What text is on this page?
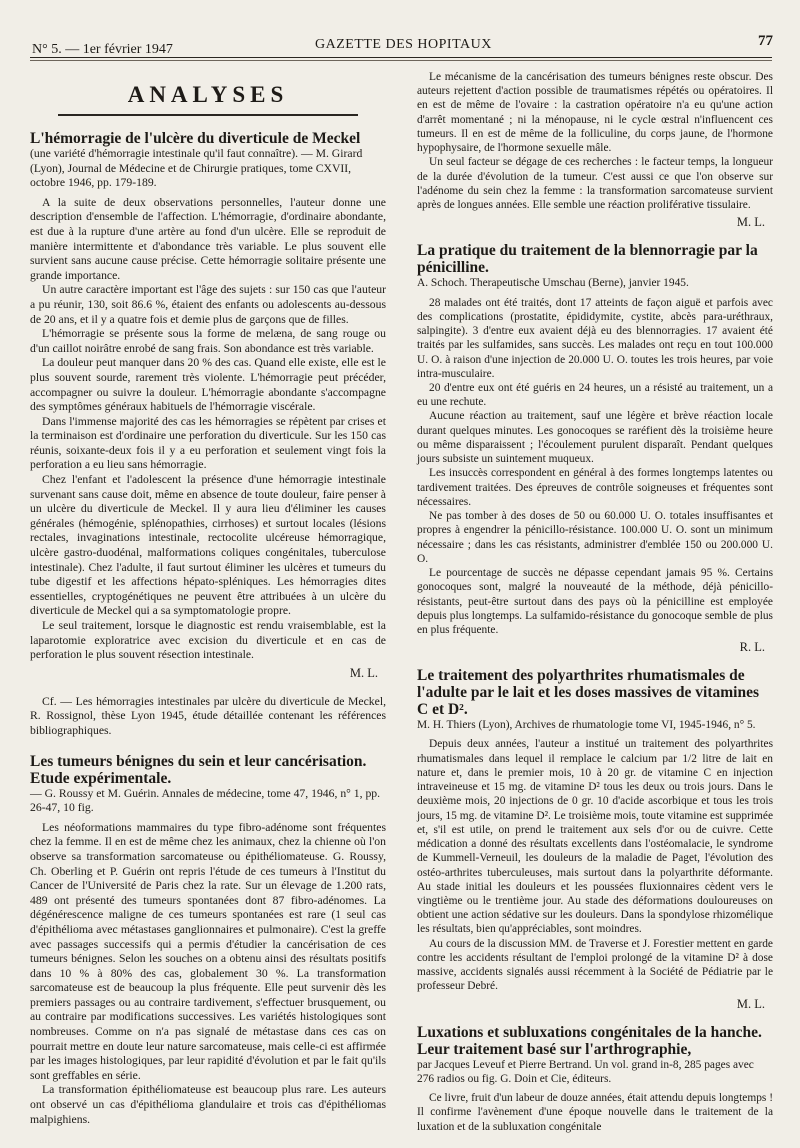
N° 5. — 1er février 1947	GAZETTE DES HOPITAUX	77
ANALYSES
L'hémorragie de l'ulcère du diverticule de Meckel
(une variété d'hémorragie intestinale qu'il faut connaître). — M. Girard (Lyon), Journal de Médecine et de Chirurgie pratiques, tome CXVII, octobre 1946, pp. 179-189.

A la suite de deux observations personnelles, l'auteur donne une description d'ensemble de l'affection. L'hémorragie, d'ordinaire abondante, est due à la rupture d'une artère au fond d'un ulcère. Elle se reproduit de manière intermittente et d'abondance très variable. Le plus souvent elle survient sans aucune cause précise. Cette hémorragie solitaire présente une grande importance.

Un autre caractère important est l'âge des sujets : sur 150 cas que l'auteur a pu réunir, 130, soit 86.6 %, étaient des enfants ou adolescents au-dessous de 20 ans, et il y a quatre fois et demie plus de garçons que de filles.

L'hémorragie se présente sous la forme de melæna, de sang rouge ou d'un caillot noirâtre enrobé de sang frais. Son abondance est très variable.

La douleur peut manquer dans 20 % des cas. Quand elle existe, elle est le plus souvent sourde, rarement très violente. L'hémorragie peut précéder, accompagner ou suivre la douleur. L'hémorragie abondante s'accompagne des symptômes généraux habituels de l'hémorragie viscérale.

Dans l'immense majorité des cas les hémorragies se répètent par crises et la terminaison est d'ordinaire une perforation du diverticule. Sur les 150 cas réunis, soixante-deux fois il y a eu perforation et seulement vingt fois la perforation a eu lieu sans hémorragie.

Chez l'enfant et l'adolescent la présence d'une hémorragie intestinale survenant sans cause doit, même en absence de toute douleur, faire penser à un ulcère du diverticule de Meckel. Il y aura lieu d'éliminer les causes générales (hémogénie, splénopathies, cirrhoses) et surtout locales (lésions rectales, invaginations intestinale, rectocolite ulcéreuse hémorragique, ulcère gastro-duodénal, malformations coliques congénitales, tuberculose intestinale). Chez l'adulte, il faut surtout éliminer les ulcères et tumeurs du tube digestif et les affections hépato-spléniques. Les hémorragies dites essentielles, cryptogénétiques ne peuvent être attribuées à un ulcère du diverticule de Meckel qui a sa symptomatologie propre.

Le seul traitement, lorsque le diagnostic est rendu vraisemblable, est la laparotomie exploratrice avec excision du diverticule et en cas de perforation le plus souvent résection intestinale.

M. L.

Cf. — Les hémorragies intestinales par ulcère du diverticule de Meckel, R. Rossignol, thèse Lyon 1945, étude détaillée contenant les références bibliographiques.

Les tumeurs bénignes du sein et leur cancérisation. Etude expérimentale.
— G. Roussy et M. Guérin. Annales de médecine, tome 47, 1946, n° 1, pp. 26-47, 10 fig.

Les néoformations mammaires du type fibro-adénome sont fréquentes chez la femme. Il en est de même chez les animaux, chez la chienne où l'on observe sa transformation sarcomateuse ou épithéliomateuse. G. Roussy, Ch. Oberling et P. Guérin ont repris l'étude de ces tumeurs à l'Institut du Cancer de l'Université de Paris chez la rate. Sur un élevage de 1.200 rats, 489 ont présenté des tumeurs spontanées dont 87 fibro-adénomes. La dégénérescence maligne de ces tumeurs spontanées est rare (1 seul cas d'épithélioma avec métastases ganglionnaires et pulmonaire). C'est la greffe avec passages successifs qui a permis d'étudier la cancérisation de ces tumeurs bénignes. Selon les souches on a obtenu ainsi des résultats positifs dans 10 % à 80% des cas, globalement 30 %. La transformation sarcomateuse est de beaucoup la plus fréquente. Elle peut survenir dès les premiers passages ou au contraire tardivement, s'effectuer brusquement, ou au contraire par modifications successives. Les variétés histologiques sont nombreuses. Comme on n'a pas signalé de métastase dans ces cas on pourrait mettre en doute leur nature sarcomateuse, mais celle-ci est affirmée par les images histologiques, par leur rapidité d'évolution et par le fait qu'ils sont greffables en série.

La transformation épithéliomateuse est beaucoup plus rare. Les auteurs ont observé un cas d'épithélioma glandulaire et trois cas d'épithéliomas malpighiens.

Le mécanisme de la cancérisation des tumeurs bénignes reste obscur. Des auteurs rejettent d'action possible de traumatismes répétés ou opératoires. Il en est de même de l'ovaire : la castration opératoire n'a eu qu'une action d'arrêt momentané ; ni la ménopause, ni le cycle œstral n'influencent ces tumeurs. Il en est de même de la folliculine, du corps jaune, de l'hormone hypophysaire, de l'hormone sexuelle mâle.

Un seul facteur se dégage de ces recherches : le facteur temps, la longueur de la durée d'évolution de la tumeur. C'est aussi ce que l'on observe sur l'adénome du sein chez la femme : la transformation sarcomateuse survient après de longues années. Elle semble une réaction proliférative tissulaire.

M. L.
La pratique du traitement de la blennorragie par la pénicilline.
A. Schoch. Therapeutische Umschau (Berne), janvier 1945.

28 malades ont été traités, dont 17 atteints de façon aiguë et parfois avec des complications (prostatite, épididymite, cystite, abcès para-uréthraux, salpingite). 3 d'entre eux avaient déjà eu des blennorragies. 17 avaient été traités par les sulfamides, sans succès. Les malades ont reçu en tout 100.000 U. O. à raison d'une injection de 20.000 U. O. toutes les trois heures, par voie intra-musculaire.

20 d'entre eux ont été guéris en 24 heures, un a résisté au traitement, un a eu une rechute.

Aucune réaction au traitement, sauf une légère et brève réaction locale durant quelques minutes. Les gonocoques se raréfient dès la troisième heure ou même disparaissent ; l'écoulement purulent disparaît. Pendant quelques jours subsiste un suintement muqueux.

Les insuccès correspondent en général à des formes longtemps latentes ou tardivement traitées. Des épreuves de contrôle soigneuses et fréquentes sont nécessaires.

Ne pas tomber à des doses de 50 ou 60.000 U. O. totales insuffisantes et propres à engendrer la pénicillo-résistance. 100.000 U. O. sont un minimum nécessaire ; dans les cas résistants, administrer d'emblée 150 ou 200.000 U. O.

Le pourcentage de succès ne dépasse cependant jamais 95 %. Certains gonocoques sont, malgré la nouveauté de la méthode, déjà pénicillo-résistants, peut-être surtout dans des pays où la pénicilline est employée depuis plus longtemps. La sulfamido-résistance du gonocoque semble de plus en plus fréquente.

R. L.
Le traitement des polyarthrites rhumatismales de l'adulte par le lait et les doses massives de vitamines C et D².
M. H. Thiers (Lyon), Archives de rhumatologie tome VI, 1945-1946, n° 5.

Depuis deux années, l'auteur a institué un traitement des polyarthrites rhumatismales dans lequel il remplace le calcium par 1/2 litre de lait en nature et, dans le premier mois, 10 à 20 gr. de vitamine C en injection intraveineuse et 15 mg. de vitamine D² tous les deux ou trois jours. Dans le deuxième mois, 20 injections de 0 gr. 10 d'acide ascorbique et tous les trois jours, 15 mg. de vitamine D². Le troisième mois, toute vitamine est supprimée et, s'il est utile, on prend le traitement aux sels d'or ou de cuivre. Cette médication a donné des résultats excellents dans l'ostéomalacie, le syndrome de Kummell-Verneuil, les douleurs de la maladie de Paget, l'évolution des ostéo-arthrites tuberculeuses, mais surtout dans la polyarthrite déformante. Au stade initial les douleurs et les poussées fluxionnaires cèdent vers le vingtième ou le trentième jour. Au stade des déformations douloureuses on obtient une action sédative sur les douleurs. Dans la spondylose rhizomélique les résultats, bien qu'appréciables, sont moindres.

Au cours de la discussion MM. de Traverse et J. Forestier mettent en garde contre les accidents résultant de l'emploi prolongé de la vitamine D² à dose massive, accidents signalés aussi récemment à la Société de Pédiatrie par le professeur Debré.

M. L.
Luxations et subluxations congénitales de la hanche. Leur traitement basé sur l'arthrographie,
par Jacques Leveuf et Pierre Bertrand. Un vol. grand in-8, 285 pages avec 276 radios ou fig. G. Doin et Cie, éditeurs.

Ce livre, fruit d'un labeur de douze années, était attendu depuis longtemps ! Il confirme l'avènement d'une époque nouvelle dans le traitement de la luxation et de la subluxation congénitale
